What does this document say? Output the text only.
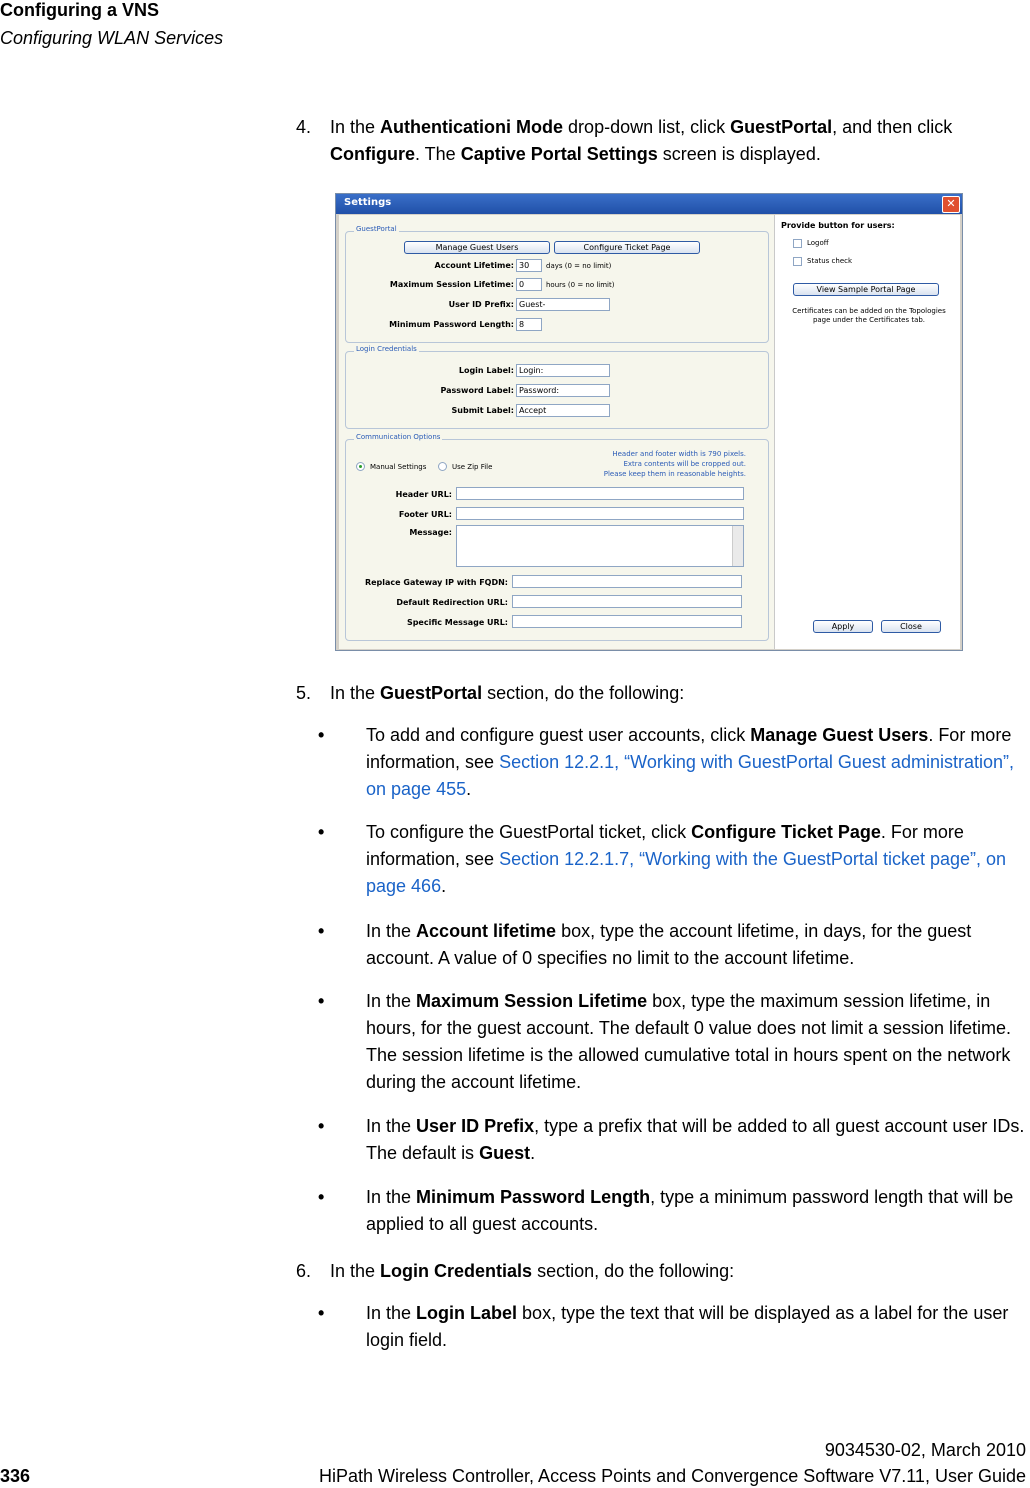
Configuring a VNS
Configuring WLAN Services
4. In the Authenticationi Mode drop-down list, click GuestPortal, and then click Configure. The Captive Portal Settings screen is displayed.
Settings	✕
GuestPortal
Manage Guest Users	Configure Ticket Page
Account Lifetime: 30	days (0 = no limit)
Maximum Session Lifetime: 0	hours (0 = no limit)
User ID Prefix: Guest-
Minimum Password Length: 8
Login Credentials
Login Label: Login:
Password Label: Password:
Submit Label: Accept
Communication Options
Manual Settings	Use Zip File
Header and footer width is 790 pixels.
Extra contents will be cropped out.
Please keep them in reasonable heights.
Header URL:
Footer URL:
Message:
Replace Gateway IP with FQDN:
Default Redirection URL:
Specific Message URL:
Provide button for users:
Logoff
Status check
View Sample Portal Page
Certificates can be added on the Topologies
page under the Certificates tab.
Apply	Close
5. In the GuestPortal section, do the following:
• To add and configure guest user accounts, click Manage Guest Users. For more information, see Section 12.2.1, “Working with GuestPortal Guest administration”, on page 455.
• To configure the GuestPortal ticket, click Configure Ticket Page. For more information, see Section 12.2.1.7, “Working with the GuestPortal ticket page”, on page 466.
• In the Account lifetime box, type the account lifetime, in days, for the guest account. A value of 0 specifies no limit to the account lifetime.
• In the Maximum Session Lifetime box, type the maximum session lifetime, in hours, for the guest account. The default 0 value does not limit a session lifetime. The session lifetime is the allowed cumulative total in hours spent on the network during the account lifetime.
• In the User ID Prefix, type a prefix that will be added to all guest account user IDs. The default is Guest.
• In the Minimum Password Length, type a minimum password length that will be applied to all guest accounts.
6. In the Login Credentials section, do the following:
• In the Login Label box, type the text that will be displayed as a label for the user login field.
9034530-02, March 2010
336	HiPath Wireless Controller, Access Points and Convergence Software V7.11, User Guide
